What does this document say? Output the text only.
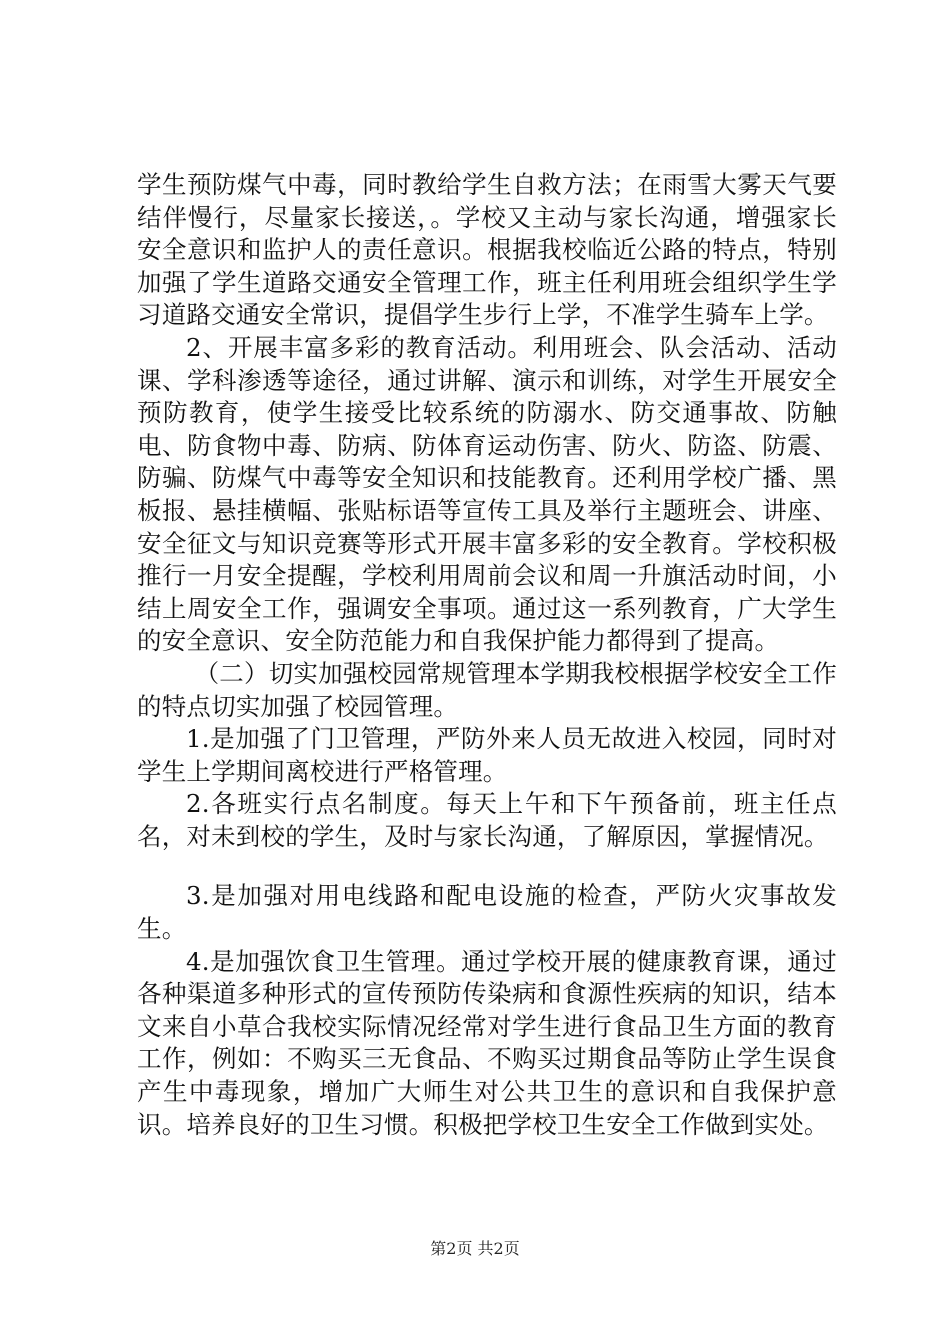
学生预防煤气中毒，同时教给学生自救方法；在雨雪大雾天气要结伴慢行，尽量家长接送，。学校又主动与家长沟通，增强家长安全意识和监护人的责任意识。根据我校临近公路的特点，特别加强了学生道路交通安全管理工作，班主任利用班会组织学生学习道路交通安全常识，提倡学生步行上学，不准学生骑车上学。

2、开展丰富多彩的教育活动。利用班会、队会活动、活动课、学科渗透等途径，通过讲解、演示和训练，对学生开展安全预防教育，使学生接受比较系统的防溺水、防交通事故、防触电、防食物中毒、防病、防体育运动伤害、防火、防盗、防震、防骗、防煤气中毒等安全知识和技能教育。还利用学校广播、黑板报、悬挂横幅、张贴标语等宣传工具及举行主题班会、讲座、安全征文与知识竞赛等形式开展丰富多彩的安全教育。学校积极推行一月安全提醒，学校利用周前会议和周一升旗活动时间，小结上周安全工作，强调安全事项。通过这一系列教育，广大学生的安全意识、安全防范能力和自我保护能力都得到了提高。

（二）切实加强校园常规管理本学期我校根据学校安全工作的特点切实加强了校园管理。

1.是加强了门卫管理，严防外来人员无故进入校园，同时对学生上学期间离校进行严格管理。

2.各班实行点名制度。每天上午和下午预备前，班主任点名，对未到校的学生，及时与家长沟通，了解原因，掌握情况。

3.是加强对用电线路和配电设施的检查，严防火灾事故发生。

4.是加强饮食卫生管理。通过学校开展的健康教育课，通过各种渠道多种形式的宣传预防传染病和食源性疾病的知识，结本文来自小草合我校实际情况经常对学生进行食品卫生方面的教育工作，例如：不购买三无食品、不购买过期食品等防止学生误食产生中毒现象，增加广大师生对公共卫生的意识和自我保护意识。培养良好的卫生习惯。积极把学校卫生安全工作做到实处。

第2页 共2页
